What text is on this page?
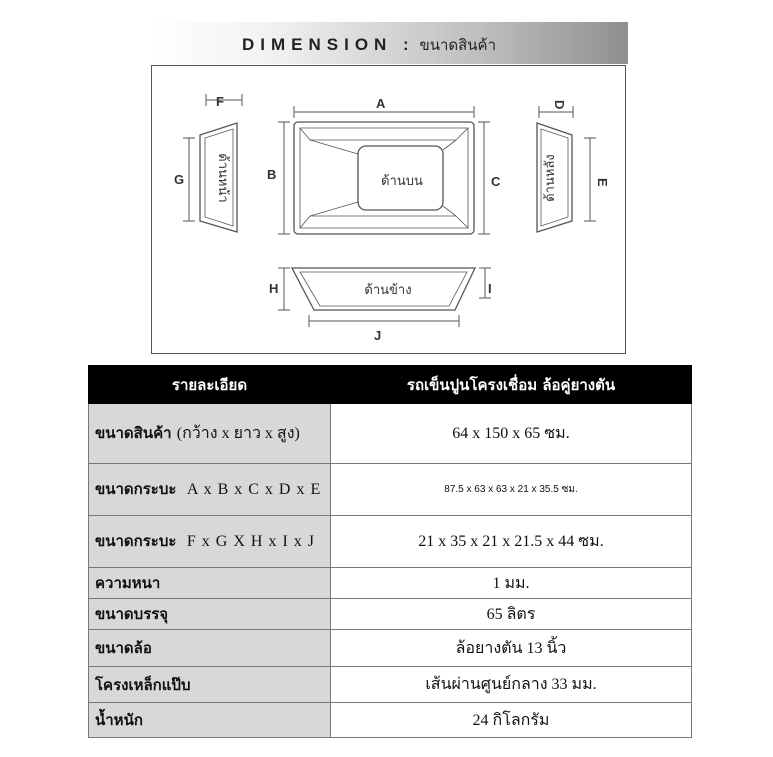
DIMENSION : ขนาดสินค้า
F
G
A
B	C
D
E
H	I
J
ด้านหน้า	ด้านบน	ด้านหลัง
ด้านข้าง
รายละเอียด	รถเข็นปูนโครงเชื่อม ล้อคู่ยางตัน
ขนาดสินค้า (กว้าง x ยาว x สูง)	64 x 150 x 65 ซม.
ขนาดกระบะ A x B x C x D x E	87.5 x 63 x 63 x 21 x 35.5 ซม.
ขนาดกระบะ F x G X H x I x J	21 x 35 x 21 x 21.5 x 44 ซม.
ความหนา	1 มม.
ขนาดบรรจุ	65 ลิตร
ขนาดล้อ	ล้อยางตัน 13 นิ้ว
โครงเหล็กแป๊บ	เส้นผ่านศูนย์กลาง 33 มม.
น้ำหนัก	24 กิโลกรัม
